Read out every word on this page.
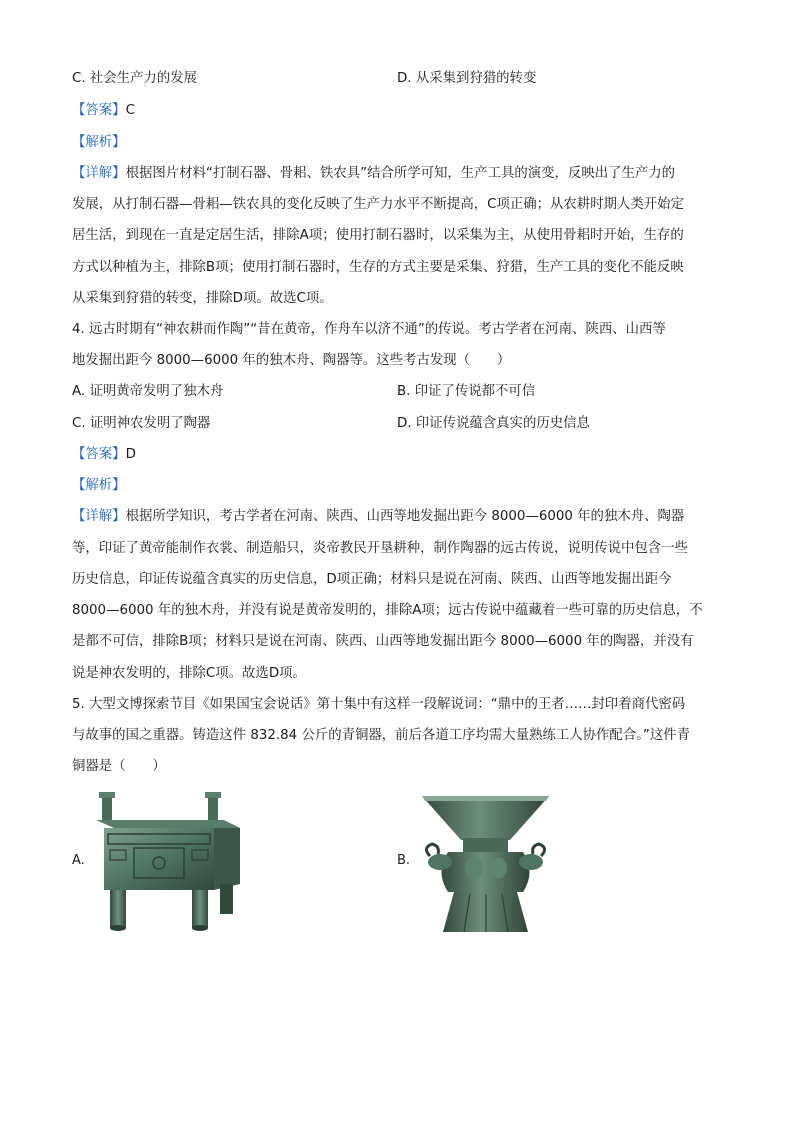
C. 社会生产力的发展	D. 从采集到狩猎的转变
【答案】C
【解析】
【详解】根据图片材料“打制石器、骨耜、铁农具”结合所学可知，生产工具的演变，反映出了生产力的
发展，从打制石器—骨耜—铁农具的变化反映了生产力水平不断提高，C项正确；从农耕时期人类开始定
居生活，到现在一直是定居生活，排除A项；使用打制石器时，以采集为主，从使用骨耜时开始，生存的
方式以种植为主，排除B项；使用打制石器时，生存的方式主要是采集、狩猎，生产工具的变化不能反映
从采集到狩猎的转变，排除D项。故选C项。
4. 远古时期有“神农耕而作陶”“昔在黄帝，作舟车以济不通”的传说。考古学者在河南、陕西、山西等
地发掘出距今 8000—6000 年的独木舟、陶器等。这些考古发现（　　）
A. 证明黄帝发明了独木舟	B. 印证了传说都不可信
C. 证明神农发明了陶器	D. 印证传说蕴含真实的历史信息
【答案】D
【解析】
【详解】根据所学知识，考古学者在河南、陕西、山西等地发掘出距今 8000—6000 年的独木舟、陶器
等，印证了黄帝能制作衣裳、制造船只，炎帝教民开垦耕种，制作陶器的远古传说，说明传说中包含一些
历史信息，印证传说蕴含真实的历史信息，D项正确；材料只是说在河南、陕西、山西等地发掘出距今
8000—6000 年的独木舟，并没有说是黄帝发明的，排除A项；远古传说中蕴藏着一些可靠的历史信息，不
是都不可信，排除B项；材料只是说在河南、陕西、山西等地发掘出距今 8000—6000 年的陶器，并没有
说是神农发明的，排除C项。故选D项。
5. 大型文博探索节目《如果国宝会说话》第十集中有这样一段解说词：“鼎中的王者……封印着商代密码
与故事的国之重器。铸造这件 832.84 公斤的青铜器，前后各道工序均需大量熟练工人协作配合。”这件青
铜器是（　　）
A.	B.
